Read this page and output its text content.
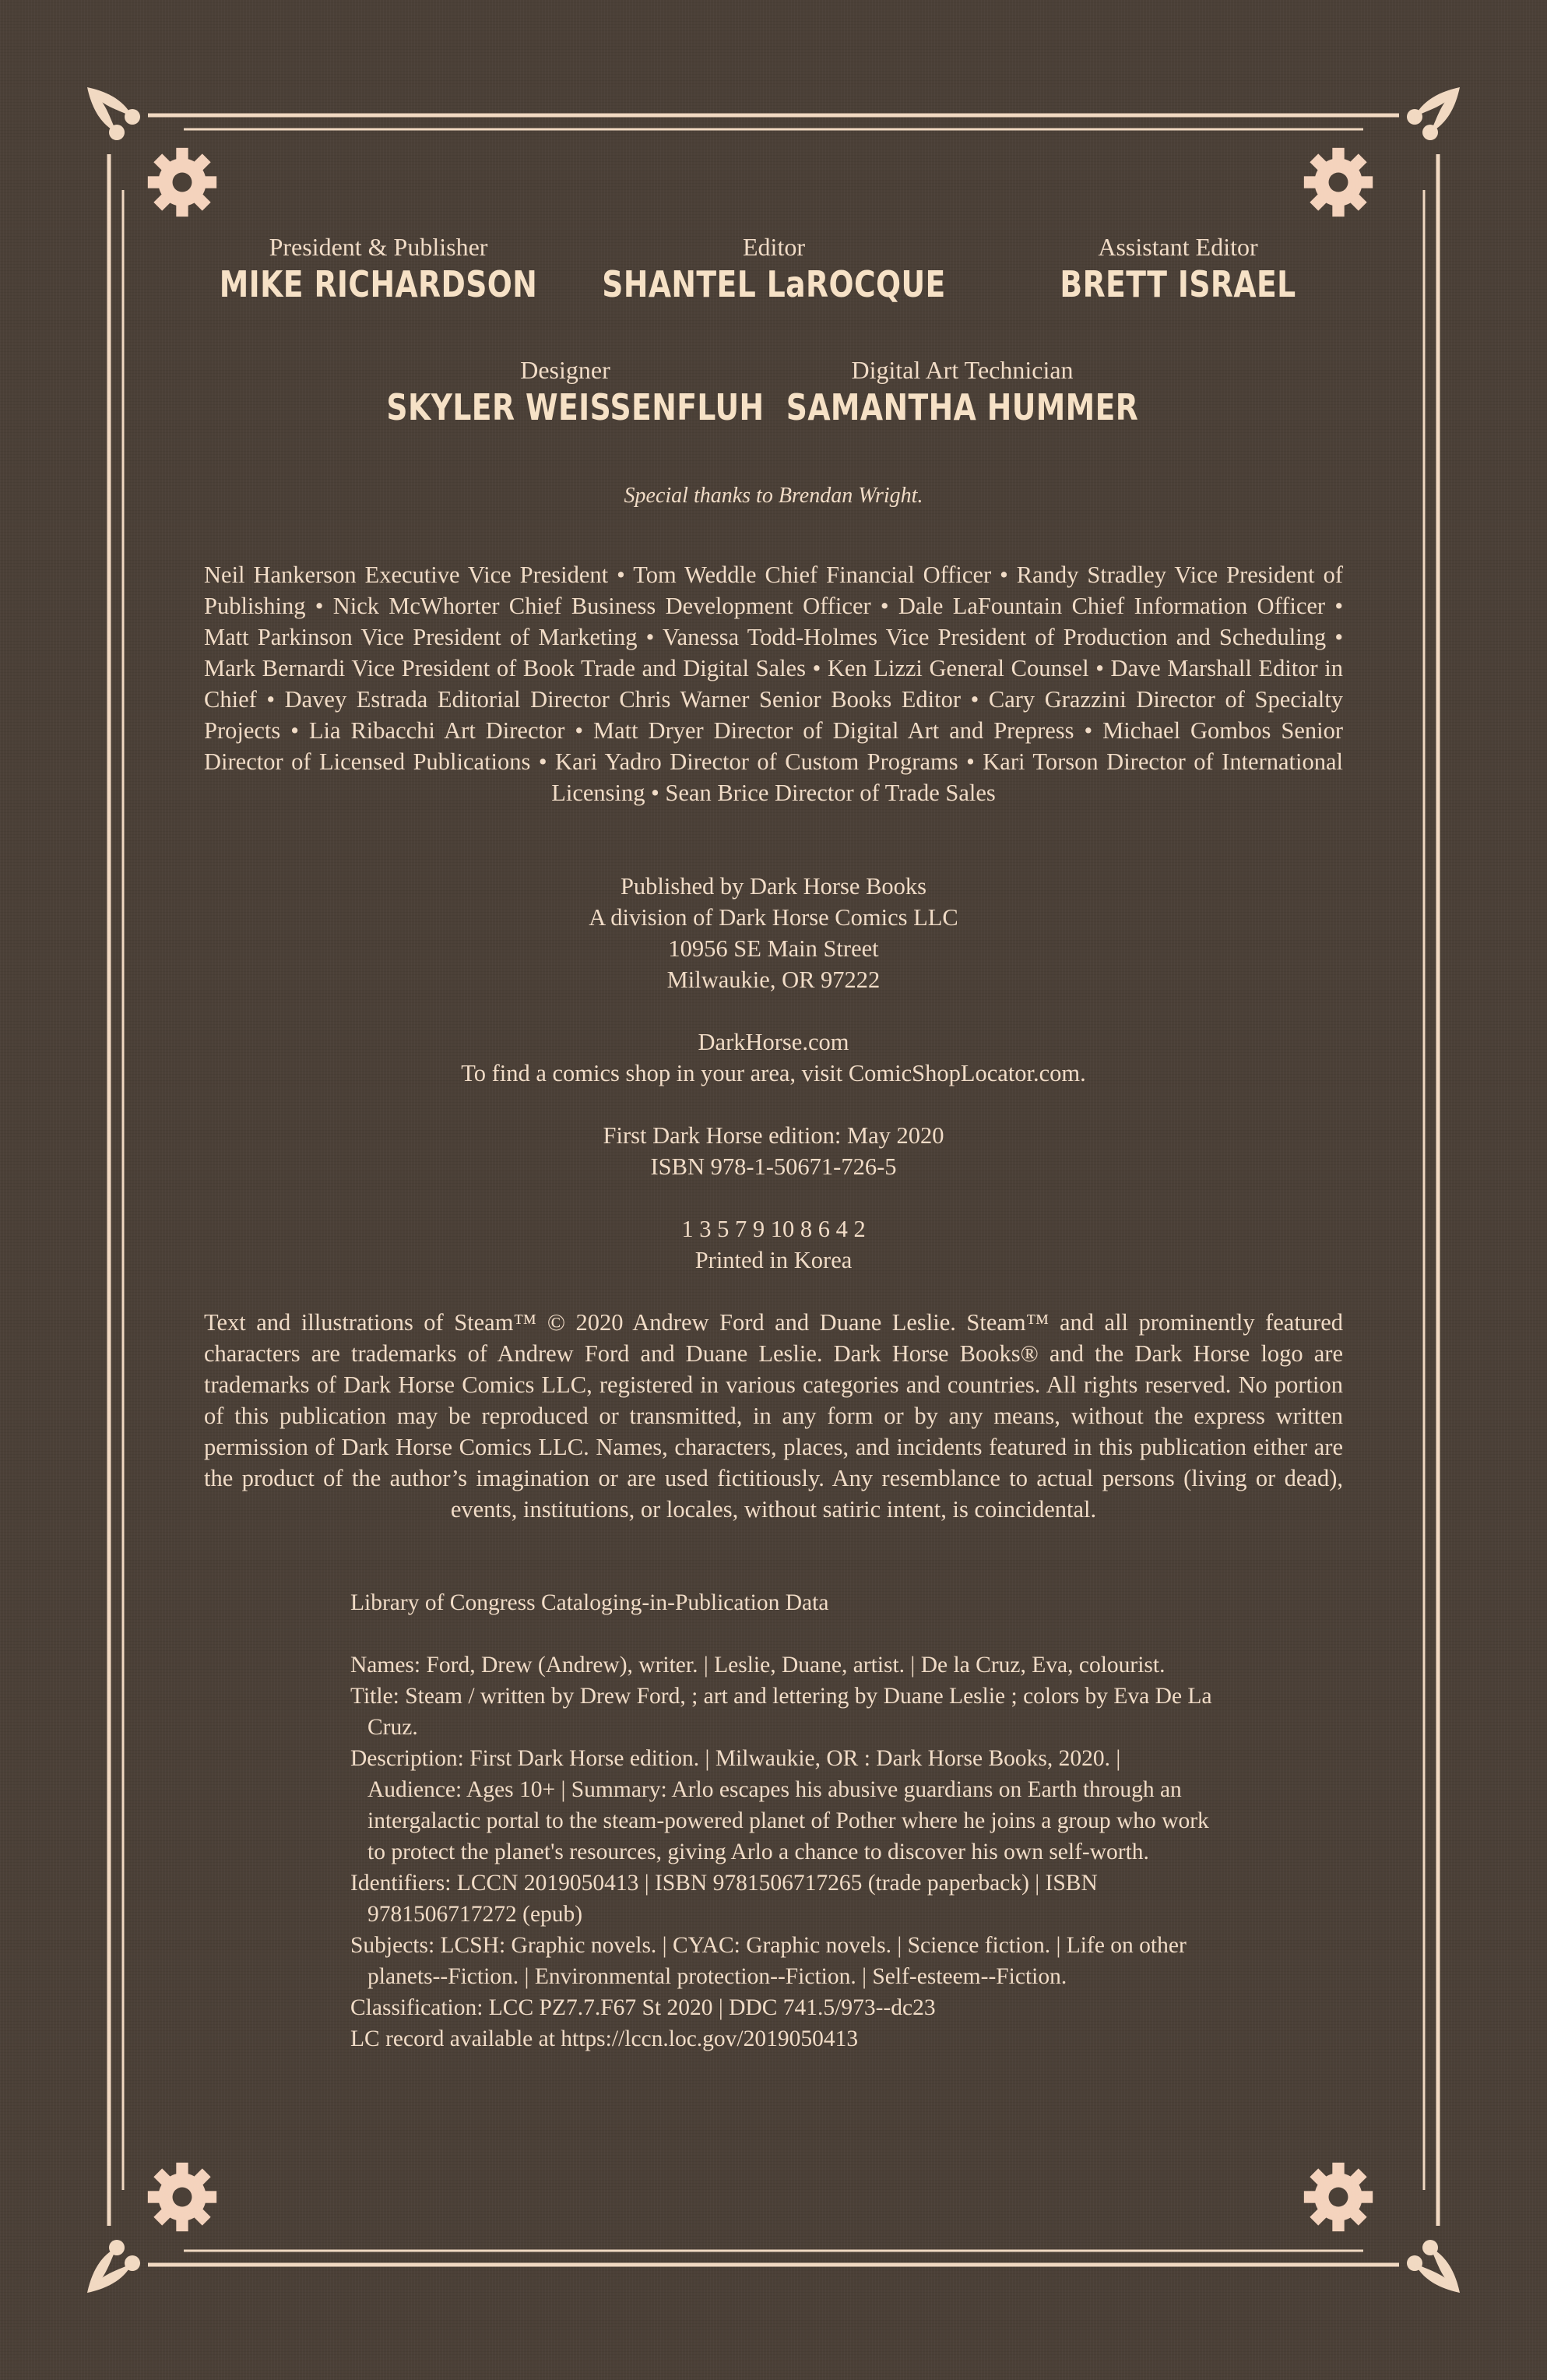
President & Publisher
MIKE RICHARDSON
Editor
SHANTEL LaROCQUE
Assistant Editor
BRETT ISRAEL
Designer
SKYLER WEISSENFLUH
Digital Art Technician
SAMANTHA HUMMER
Special thanks to Brendan Wright.
Neil Hankerson Executive Vice President • Tom Weddle Chief Financial Officer • Randy Stradley Vice President of Publishing • Nick McWhorter Chief Business Development Officer • Dale LaFountain Chief Information Officer • Matt Parkinson Vice President of Marketing • Vanessa Todd-Holmes Vice President of Production and Scheduling • Mark Bernardi Vice President of Book Trade and Digital Sales • Ken Lizzi General Counsel • Dave Marshall Editor in Chief • Davey Estrada Editorial Director Chris Warner Senior Books Editor • Cary Grazzini Director of Specialty Projects • Lia Ribacchi Art Director • Matt Dryer Director of Digital Art and Prepress • Michael Gombos Senior Director of Licensed Publications • Kari Yadro Director of Custom Programs • Kari Torson Director of International Licensing • Sean Brice Director of Trade Sales
Published by Dark Horse Books
A division of Dark Horse Comics LLC
10956 SE Main Street
Milwaukie, OR 97222
DarkHorse.com
To find a comics shop in your area, visit ComicShopLocator.com.
First Dark Horse edition: May 2020
ISBN 978-1-50671-726-5
1 3 5 7 9 10 8 6 4 2
Printed in Korea
Text and illustrations of Steam™ © 2020 Andrew Ford and Duane Leslie. Steam™ and all prominently featured characters are trademarks of Andrew Ford and Duane Leslie. Dark Horse Books® and the Dark Horse logo are trademarks of Dark Horse Comics LLC, registered in various categories and countries. All rights reserved. No portion of this publication may be reproduced or transmitted, in any form or by any means, without the express written permission of Dark Horse Comics LLC. Names, characters, places, and incidents featured in this publication either are the product of the author’s imagination or are used fictitiously. Any resemblance to actual persons (living or dead), events, institutions, or locales, without satiric intent, is coincidental.
Library of Congress Cataloging-in-Publication Data
Names: Ford, Drew (Andrew), writer. | Leslie, Duane, artist. | De la Cruz, Eva, colourist.
Title: Steam / written by Drew Ford, ; art and lettering by Duane Leslie ; colors by Eva De La Cruz.
Description: First Dark Horse edition. | Milwaukie, OR : Dark Horse Books, 2020. | Audience: Ages 10+ | Summary: Arlo escapes his abusive guardians on Earth through an intergalactic portal to the steam-powered planet of Pother where he joins a group who work to protect the planet's resources, giving Arlo a chance to discover his own self-worth.
Identifiers: LCCN 2019050413 | ISBN 9781506717265 (trade paperback) | ISBN 9781506717272 (epub)
Subjects: LCSH: Graphic novels. | CYAC: Graphic novels. | Science fiction. | Life on other planets--Fiction. | Environmental protection--Fiction. | Self-esteem--Fiction.
Classification: LCC PZ7.7.F67 St 2020 | DDC 741.5/973--dc23
LC record available at https://lccn.loc.gov/2019050413
